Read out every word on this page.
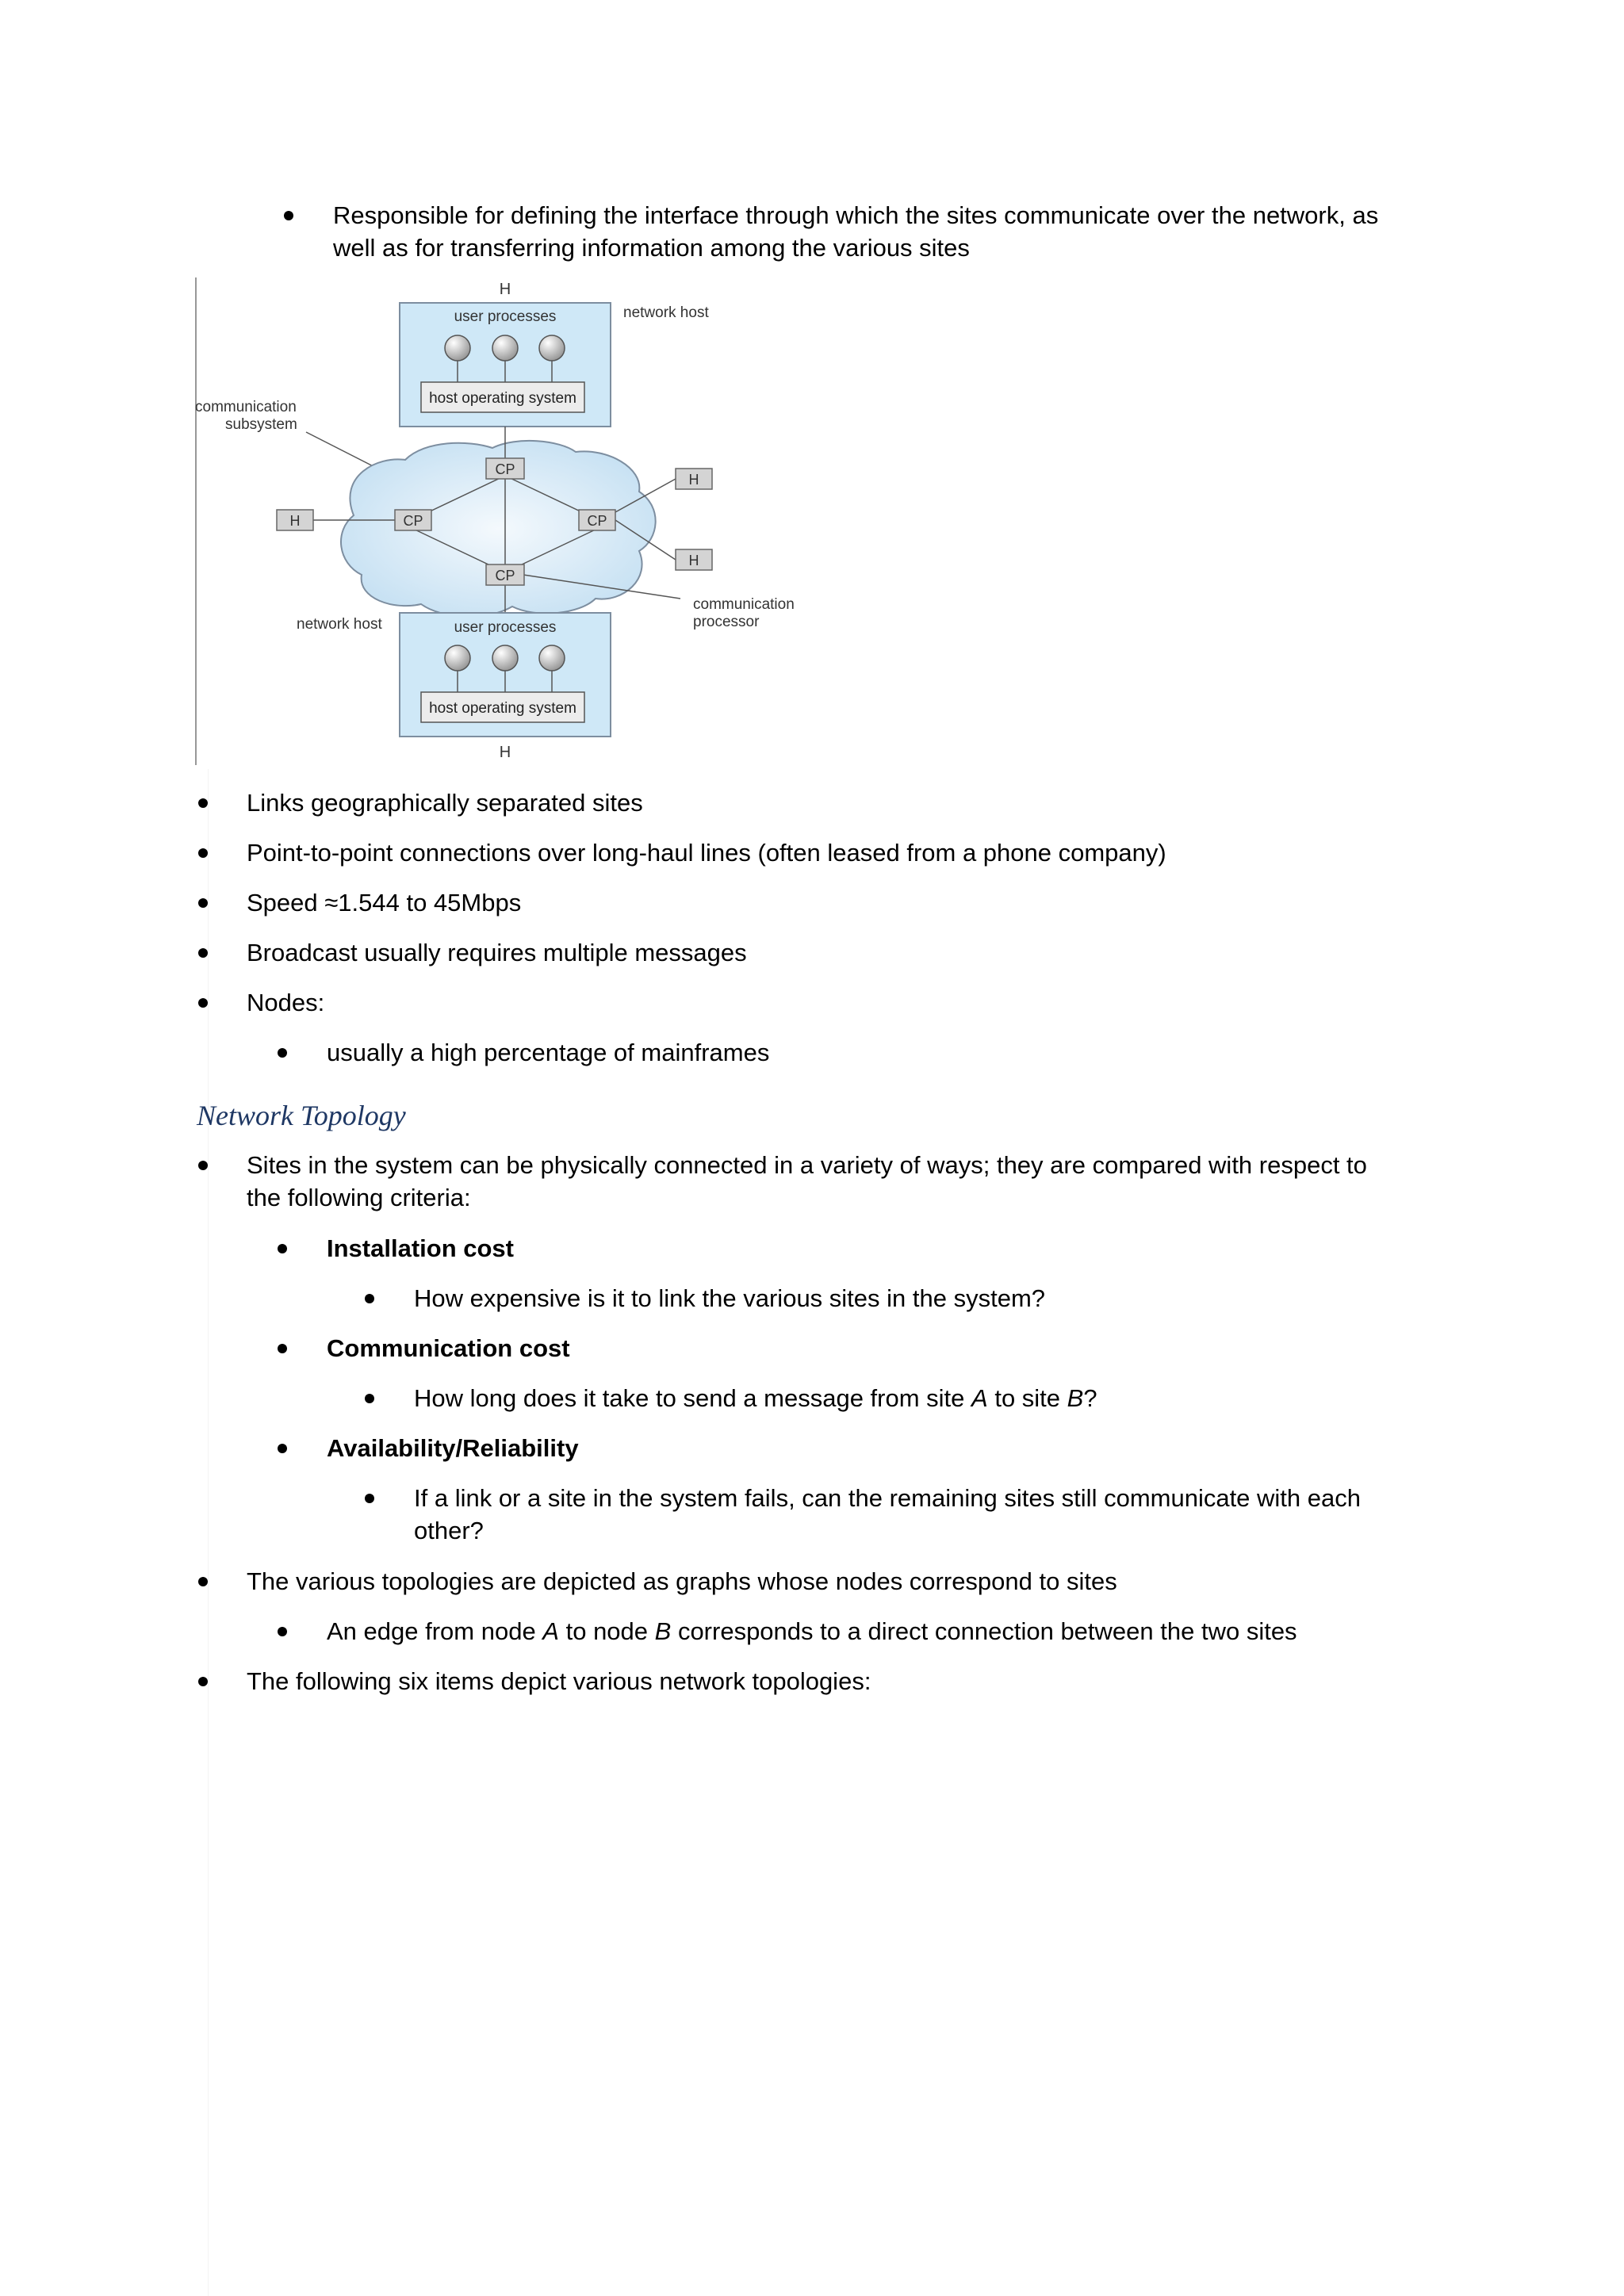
Responsible for defining the interface through which the sites communicate over the network, as
well as for transferring information among the various sites
H
user processes
host operating system
network host
communication
subsystem
CP
CP	CP
CP
H
H
H
communication
processor
network host	user processes
host operating system
H
Links geographically separated sites
Point-to-point connections over long-haul lines (often leased from a phone company)
Speed ≈1.544 to 45Mbps
Broadcast usually requires multiple messages
Nodes:
usually a high percentage of mainframes
Network Topology
Sites in the system can be physically connected in a variety of ways; they are compared with respect to
the following criteria:
Installation cost
How expensive is it to link the various sites in the system?
Communication cost
How long does it take to send a message from site A to site B?
Availability/Reliability
If a link or a site in the system fails, can the remaining sites still communicate with each
other?
The various topologies are depicted as graphs whose nodes correspond to sites
An edge from node A to node B corresponds to a direct connection between the two sites
The following six items depict various network topologies:
